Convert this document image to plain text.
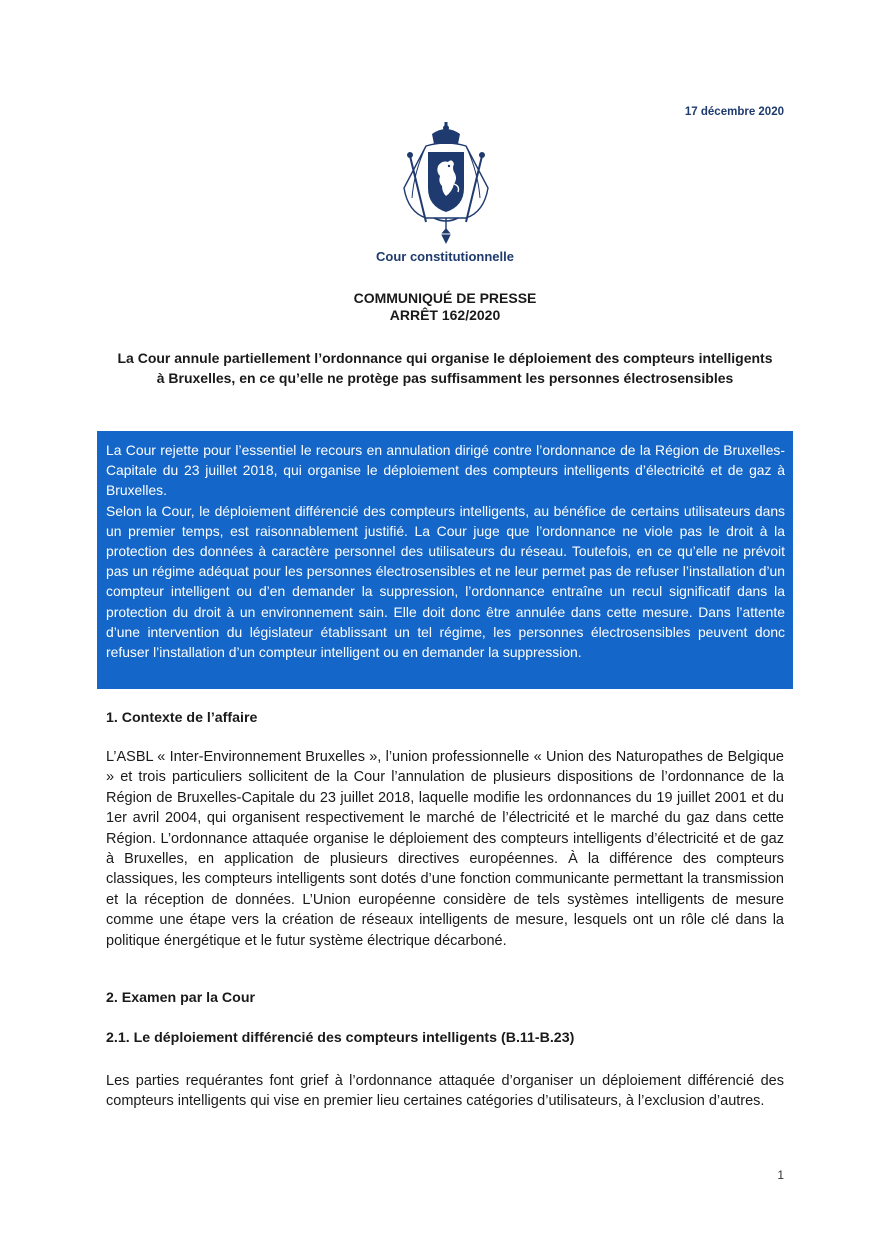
17 décembre 2020
Cour constitutionnelle
COMMUNIQUÉ DE PRESSE
ARRÊT 162/2020
La Cour annule partiellement l’ordonnance qui organise le déploiement des compteurs intelligents à Bruxelles, en ce qu’elle ne protège pas suffisamment les personnes électrosensibles

La Cour rejette pour l’essentiel le recours en annulation dirigé contre l’ordonnance de la Région de Bruxelles-Capitale du 23 juillet 2018, qui organise le déploiement des compteurs intelligents d’électricité et de gaz à Bruxelles.

Selon la Cour, le déploiement différencié des compteurs intelligents, au bénéfice de certains utilisateurs dans un premier temps, est raisonnablement justifié. La Cour juge que l’ordonnance ne viole pas le droit à la protection des données à caractère personnel des utilisateurs du réseau. Toutefois, en ce qu’elle ne prévoit pas un régime adéquat pour les personnes électrosensibles et ne leur permet pas de refuser l’installation d’un compteur intelligent ou d’en demander la suppression, l’ordonnance entraîne un recul significatif dans la protection du droit à un environnement sain. Elle doit donc être annulée dans cette mesure. Dans l’attente d’une intervention du législateur établissant un tel régime, les personnes électrosensibles peuvent donc refuser l’installation d’un compteur intelligent ou en demander la suppression.

1. Contexte de l’affaire

L’ASBL « Inter-Environnement Bruxelles », l’union professionnelle « Union des Naturopathes de Belgique » et trois particuliers sollicitent de la Cour l’annulation de plusieurs dispositions de l’ordonnance de la Région de Bruxelles-Capitale du 23 juillet 2018, laquelle modifie les ordonnances du 19 juillet 2001 et du 1er avril 2004, qui organisent respectivement le marché de l’électricité et le marché du gaz dans cette Région. L’ordonnance attaquée organise le déploiement des compteurs intelligents d’électricité et de gaz à Bruxelles, en application de plusieurs directives européennes. À la différence des compteurs classiques, les compteurs intelligents sont dotés d’une fonction communicante permettant la transmission et la réception de données. L’Union européenne considère de tels systèmes intelligents de mesure comme une étape vers la création de réseaux intelligents de mesure, lesquels ont un rôle clé dans la politique énergétique et le futur système électrique décarboné.

2. Examen par la Cour
2.1. Le déploiement différencié des compteurs intelligents (B.11-B.23)

Les parties requérantes font grief à l’ordonnance attaquée d’organiser un déploiement différencié des compteurs intelligents qui vise en premier lieu certaines catégories d’utilisateurs, à l’exclusion d’autres.

1
